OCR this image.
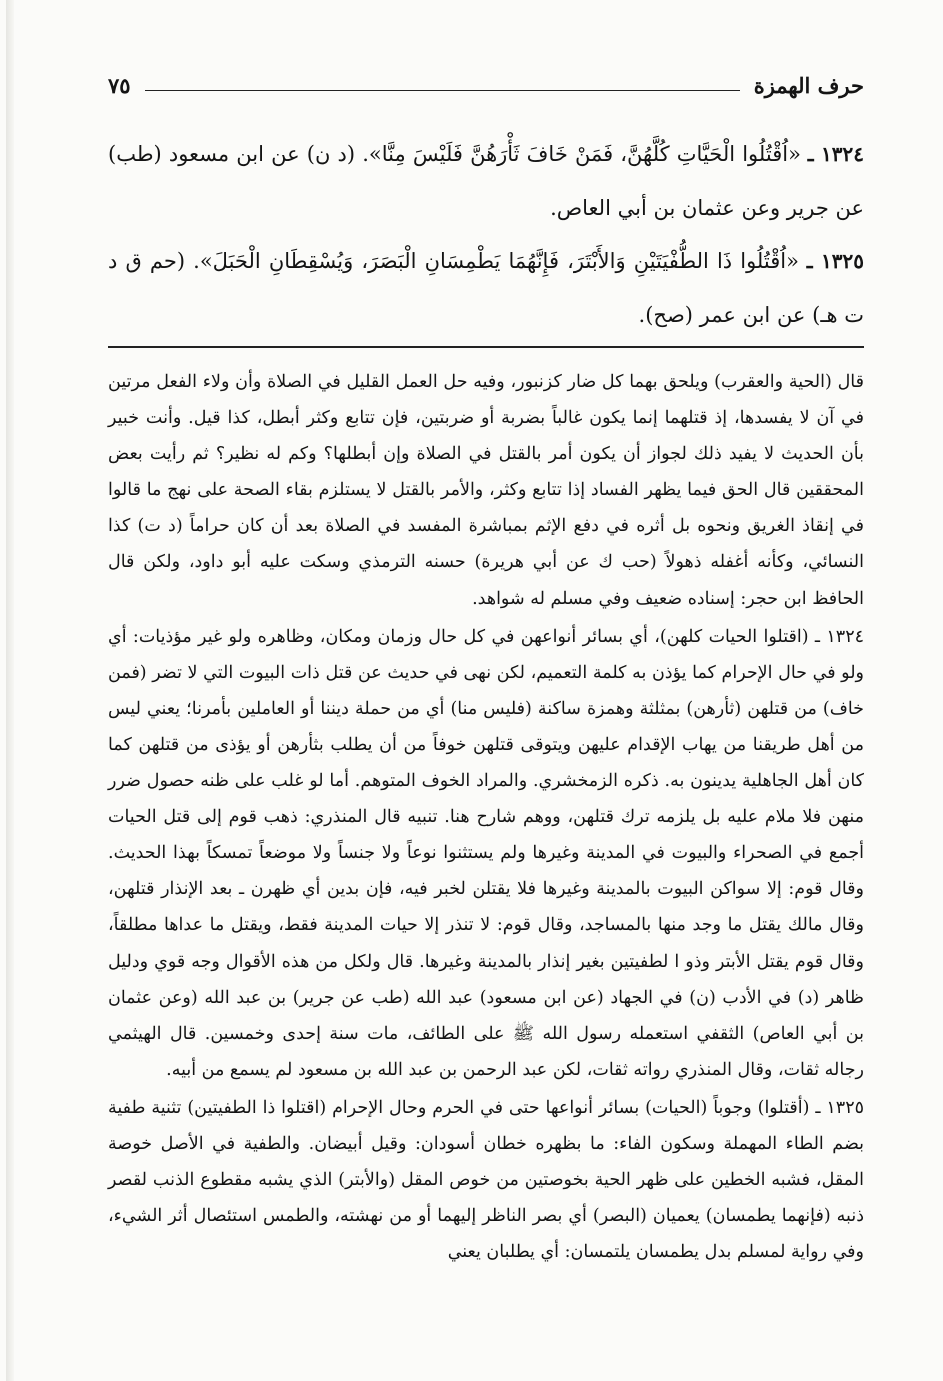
حرف الهمزة
٧٥

١٣٢٤ ـ «اُقْتُلُوا الْحَيَّاتِ كُلَّهُنَّ، فَمَنْ خَافَ ثَأْرَهُنَّ فَلَيْسَ مِنَّا». (د ن) عن ابن مسعود (طب) عن جرير وعن عثمان بن أبي العاص.

١٣٢٥ ـ «اُقْتُلُوا ذَا الطُّفْيَتَيْنِ وَالأَبْتَرَ، فَإِنَّهُمَا يَطْمِسَانِ الْبَصَرَ، وَيُسْقِطَانِ الْحَبَلَ». (حم ق د ت هـ) عن ابن عمر (صح).

قال (الحية والعقرب) ويلحق بهما كل ضار كزنبور، وفيه حل العمل القليل في الصلاة وأن ولاء الفعل مرتين في آن لا يفسدها، إذ قتلهما إنما يكون غالباً بضربة أو ضربتين، فإن تتابع وكثر أبطل، كذا قيل. وأنت خبير بأن الحديث لا يفيد ذلك لجواز أن يكون أمر بالقتل في الصلاة وإن أبطلها؟ وكم له نظير؟ ثم رأيت بعض المحققين قال الحق فيما يظهر الفساد إذا تتابع وكثر، والأمر بالقتل لا يستلزم بقاء الصحة على نهج ما قالوا في إنقاذ الغريق ونحوه بل أثره في دفع الإثم بمباشرة المفسد في الصلاة بعد أن كان حراماً (د ت) كذا النسائي، وكأنه أغفله ذهولاً (حب ك عن أبي هريرة) حسنه الترمذي وسكت عليه أبو داود، ولكن قال الحافظ ابن حجر: إسناده ضعيف وفي مسلم له شواهد.

١٣٢٤ ـ (اقتلوا الحيات كلهن)، أي بسائر أنواعهن في كل حال وزمان ومكان، وظاهره ولو غير مؤذيات: أي ولو في حال الإحرام كما يؤذن به كلمة التعميم، لكن نهى في حديث عن قتل ذات البيوت التي لا تضر (فمن خاف) من قتلهن (ثأرهن) بمثلثة وهمزة ساكنة (فليس منا) أي من حملة ديننا أو العاملين بأمرنا؛ يعني ليس من أهل طريقنا من يهاب الإقدام عليهن ويتوقى قتلهن خوفاً من أن يطلب بثأرهن أو يؤذى من قتلهن كما كان أهل الجاهلية يدينون به. ذكره الزمخشري. والمراد الخوف المتوهم. أما لو غلب على ظنه حصول ضرر منهن فلا ملام عليه بل يلزمه ترك قتلهن، ووهم شارح هنا. تنبيه قال المنذري: ذهب قوم إلى قتل الحيات أجمع في الصحراء والبيوت في المدينة وغيرها ولم يستثنوا نوعاً ولا جنساً ولا موضعاً تمسكاً بهذا الحديث. وقال قوم: إلا سواكن البيوت بالمدينة وغيرها فلا يقتلن لخبر فيه، فإن بدين أي ظهرن ـ بعد الإنذار قتلهن، وقال مالك يقتل ما وجد منها بالمساجد، وقال قوم: لا تنذر إلا حيات المدينة فقط، ويقتل ما عداها مطلقاً، وقال قوم يقتل الأبتر وذو ا لطفيتين بغير إنذار بالمدينة وغيرها. قال ولكل من هذه الأقوال وجه قوي ودليل ظاهر (د) في الأدب (ن) في الجهاد (عن ابن مسعود) عبد الله (طب عن جرير) بن عبد الله (وعن عثمان بن أبي العاص) الثقفي استعمله رسول الله ﷺ على الطائف، مات سنة إحدى وخمسين. قال الهيثمي رجاله ثقات، وقال المنذري رواته ثقات، لكن عبد الرحمن بن عبد الله بن مسعود لم يسمع من أبيه.

١٣٢٥ ـ (أقتلوا) وجوباً (الحيات) بسائر أنواعها حتى في الحرم وحال الإحرام (اقتلوا ذا الطفيتين) تثنية طفية بضم الطاء المهملة وسكون الفاء: ما بظهره خطان أسودان: وقيل أبيضان. والطفية في الأصل خوصة المقل، فشبه الخطين على ظهر الحية بخوصتين من خوص المقل (والأبتر) الذي يشبه مقطوع الذنب لقصر ذنبه (فإنهما يطمسان) يعميان (البصر) أي بصر الناظر إليهما أو من نهشته، والطمس استئصال أثر الشيء، وفي رواية لمسلم بدل يطمسان يلتمسان: أي يطلبان يعني
